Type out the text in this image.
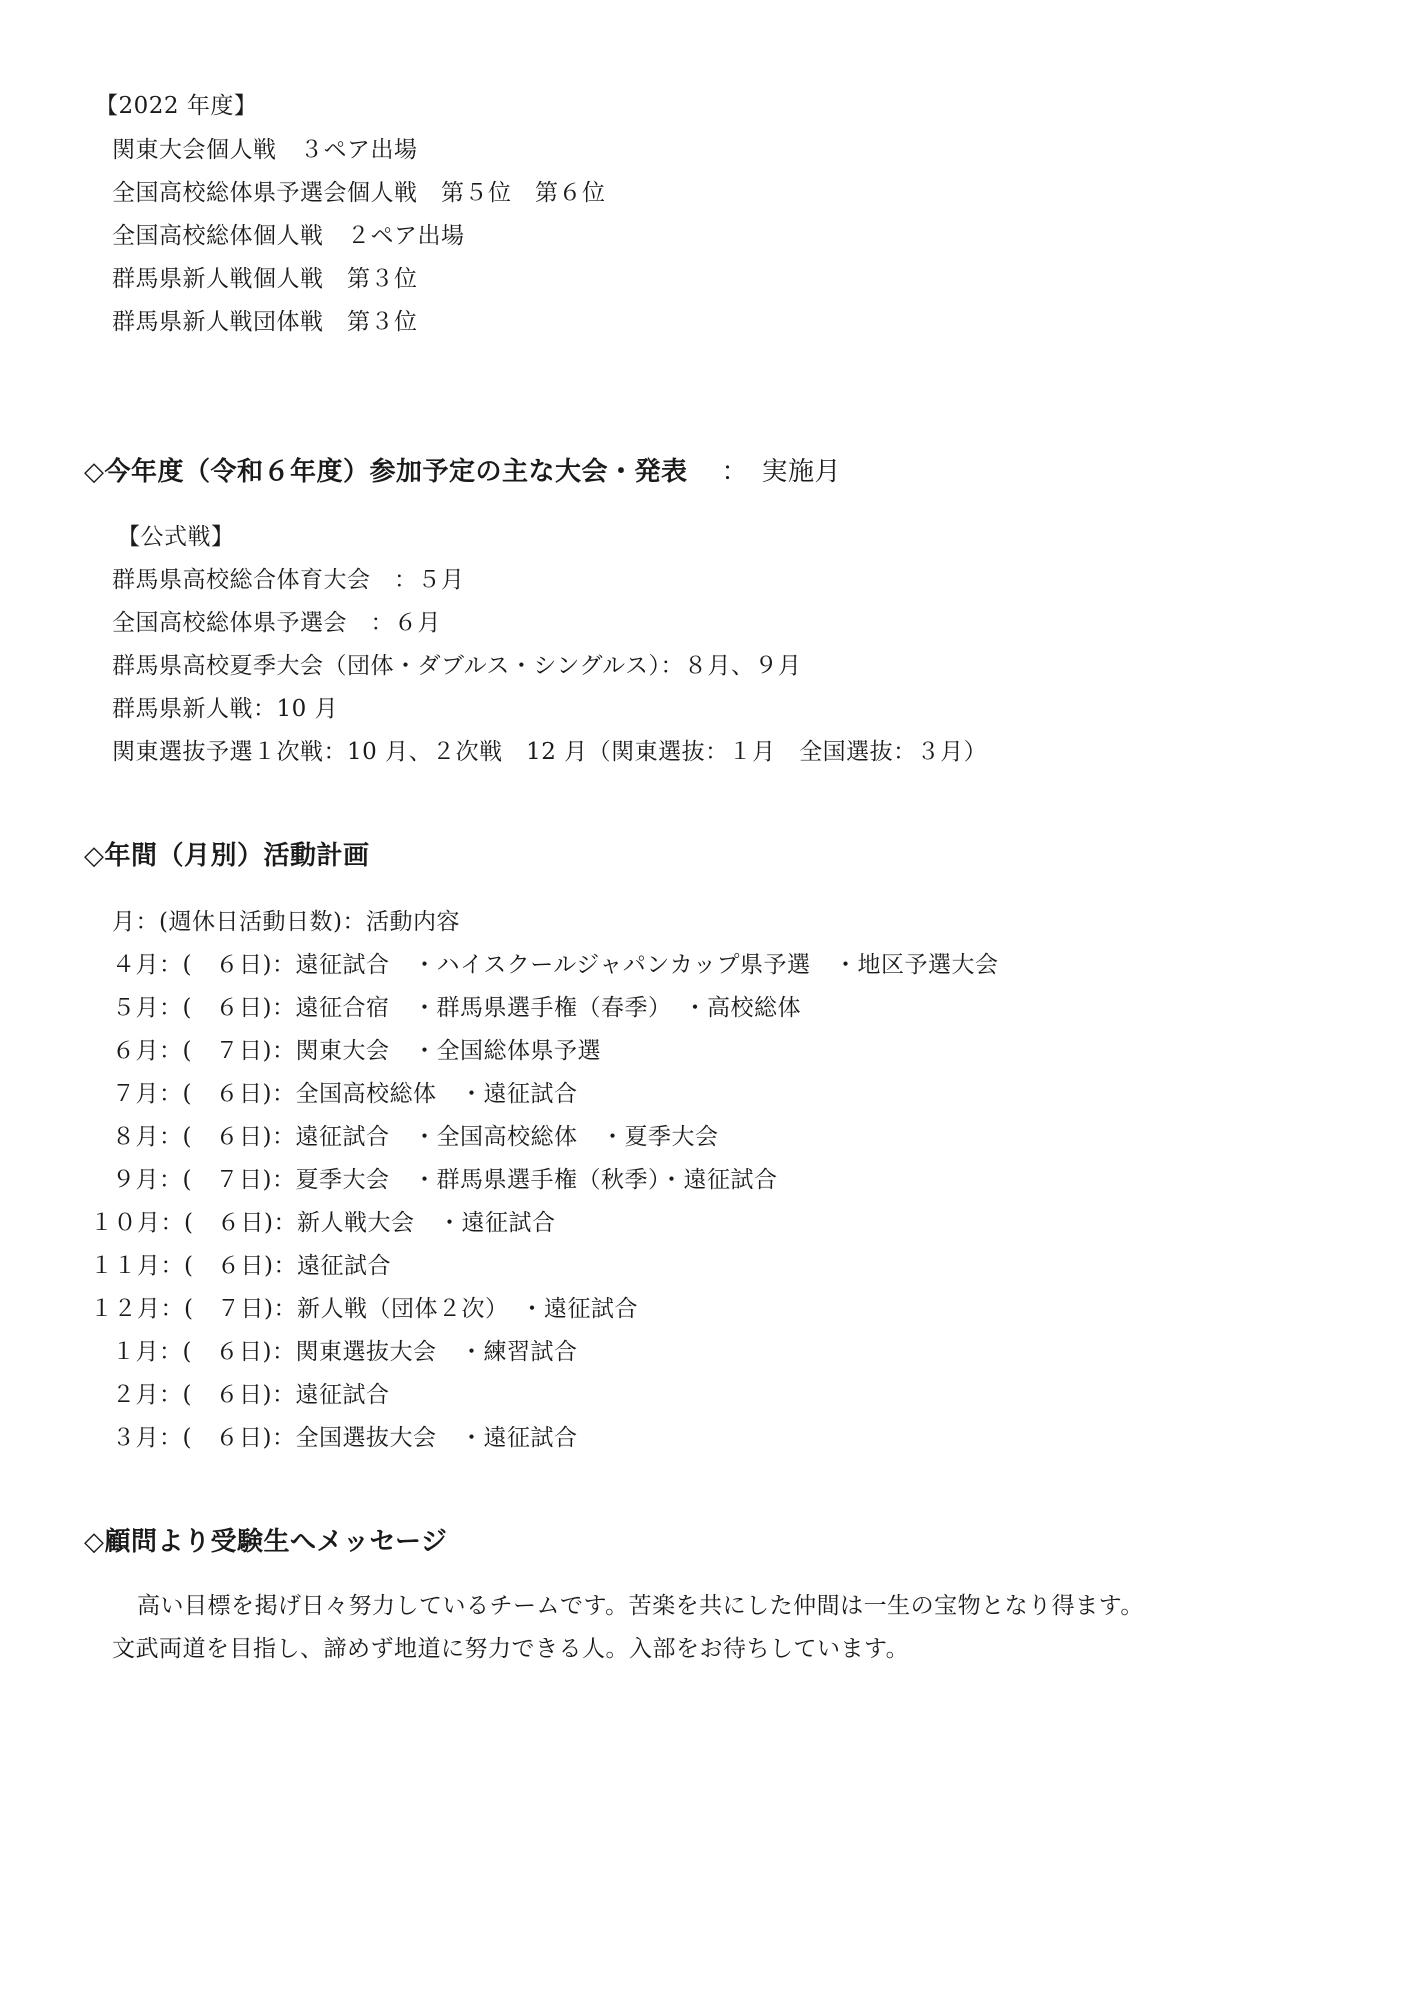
【2022 年度】
関東大会個人戦　３ペア出場
全国高校総体県予選会個人戦　第５位　第６位
全国高校総体個人戦　２ペア出場
群馬県新人戦個人戦　第３位
群馬県新人戦団体戦　第３位
◇今年度（令和６年度）参加予定の主な大会・発表 ：　実施月
【公式戦】
群馬県高校総合体育大会　：５月
全国高校総体県予選会　：６月
群馬県高校夏季大会（団体・ダブルス・シングルス）：８月、９月
群馬県新人戦：10 月
関東選抜予選１次戦：10 月、２次戦　12 月（関東選抜：１月　全国選抜：３月）
◇年間（月別）活動計画
月：(週休日活動日数)：活動内容
４月：(　６日)：遠征試合　・ハイスクールジャパンカップ県予選　・地区予選大会
５月：(　６日)：遠征合宿　・群馬県選手権（春季）　・高校総体
６月：(　７日)：関東大会　・全国総体県予選
７月：(　６日)：全国高校総体　・遠征試合
８月：(　６日)：遠征試合　・全国高校総体　・夏季大会
９月：(　７日)：夏季大会　・群馬県選手権（秋季）・遠征試合
１０月：(　６日)：新人戦大会　・遠征試合
１１月：(　６日)：遠征試合
１２月：(　７日)：新人戦（団体２次）　・遠征試合
１月：(　６日)：関東選抜大会　・練習試合
２月：(　６日)：遠征試合
３月：(　６日)：全国選抜大会　・遠征試合
◇顧問より受験生へメッセージ
高い目標を掲げ日々努力しているチームです。苦楽を共にした仲間は一生の宝物となり得ます。
文武両道を目指し、諦めず地道に努力できる人。入部をお待ちしています。
